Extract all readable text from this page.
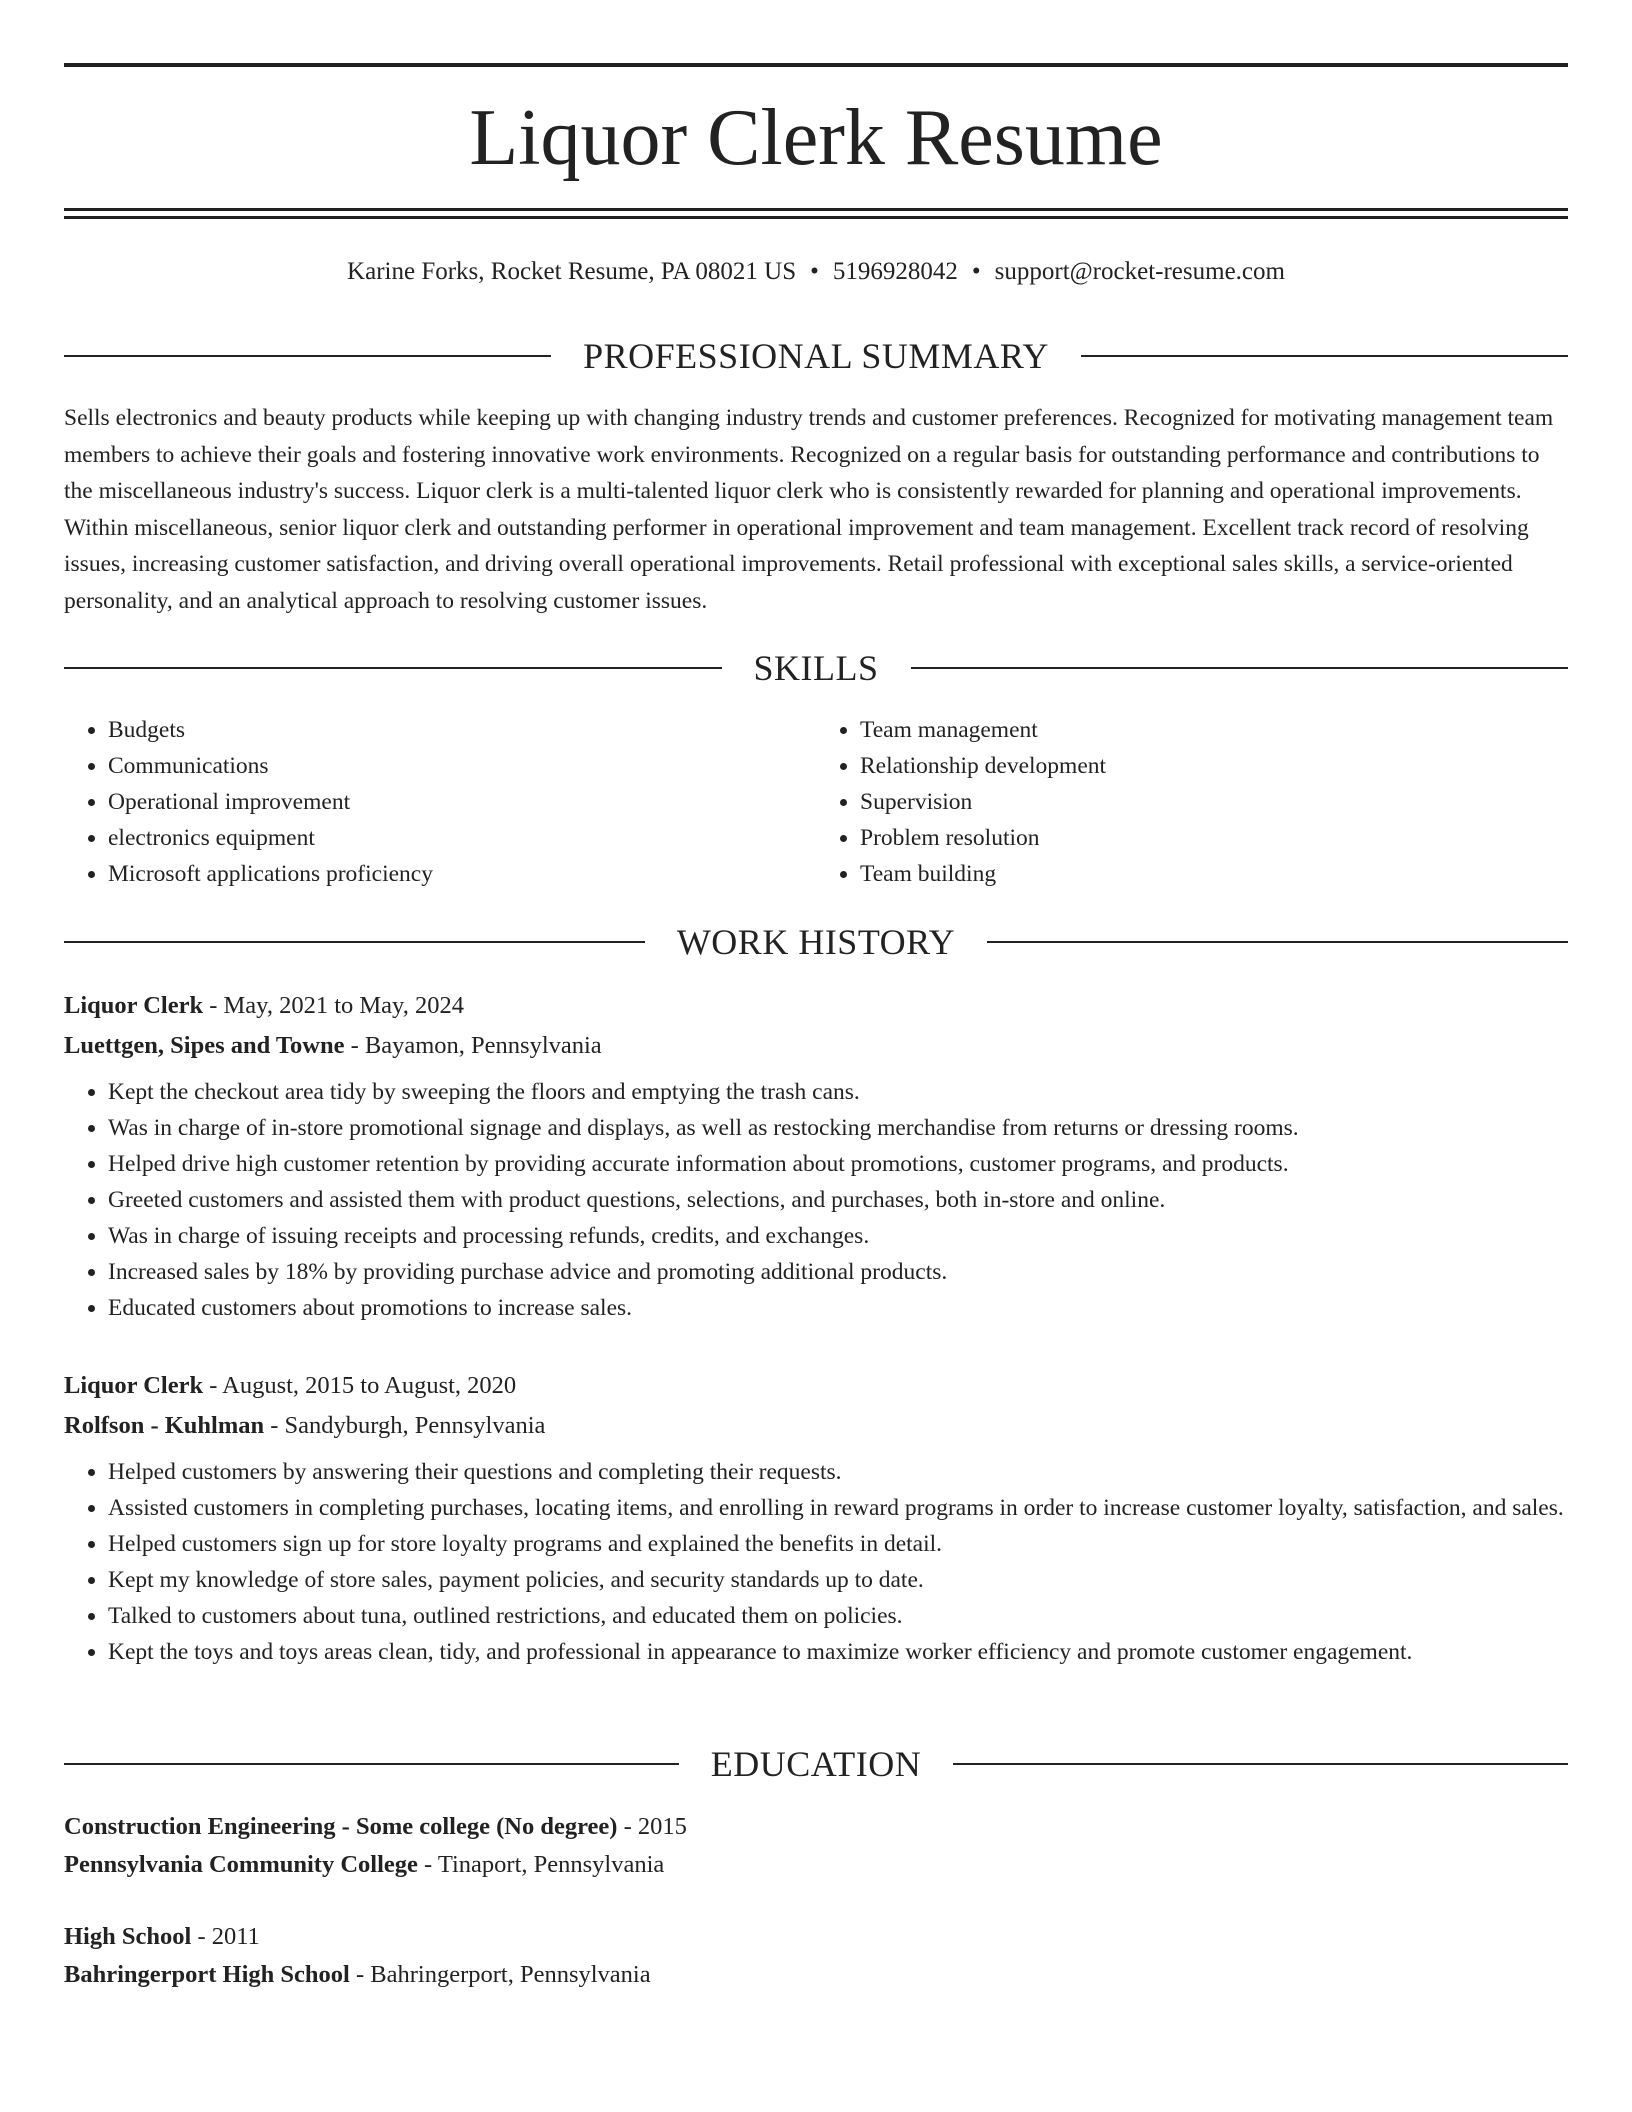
Liquor Clerk Resume
Karine Forks, Rocket Resume, PA 08021 US • 5196928042 • support@rocket-resume.com
PROFESSIONAL SUMMARY

Sells electronics and beauty products while keeping up with changing industry trends and customer preferences. Recognized for motivating management team members to achieve their goals and fostering innovative work environments. Recognized on a regular basis for outstanding performance and contributions to the miscellaneous industry's success. Liquor clerk is a multi-talented liquor clerk who is consistently rewarded for planning and operational improvements. Within miscellaneous, senior liquor clerk and outstanding performer in operational improvement and team management. Excellent track record of resolving issues, increasing customer satisfaction, and driving overall operational improvements. Retail professional with exceptional sales skills, a service-oriented personality, and an analytical approach to resolving customer issues.

SKILLS
• Budgets
• Communications
• Operational improvement
• electronics equipment
• Microsoft applications proficiency
• Team management
• Relationship development
• Supervision
• Problem resolution
• Team building
WORK HISTORY
Liquor Clerk - May, 2021 to May, 2024
Luettgen, Sipes and Towne - Bayamon, Pennsylvania
• Kept the checkout area tidy by sweeping the floors and emptying the trash cans.
• Was in charge of in-store promotional signage and displays, as well as restocking merchandise from returns or dressing rooms.
• Helped drive high customer retention by providing accurate information about promotions, customer programs, and products.
• Greeted customers and assisted them with product questions, selections, and purchases, both in-store and online.
• Was in charge of issuing receipts and processing refunds, credits, and exchanges.
• Increased sales by 18% by providing purchase advice and promoting additional products.
• Educated customers about promotions to increase sales.
Liquor Clerk - August, 2015 to August, 2020
Rolfson - Kuhlman - Sandyburgh, Pennsylvania
• Helped customers by answering their questions and completing their requests.
• Assisted customers in completing purchases, locating items, and enrolling in reward programs in order to increase customer loyalty, satisfaction, and sales.
• Helped customers sign up for store loyalty programs and explained the benefits in detail.
• Kept my knowledge of store sales, payment policies, and security standards up to date.
• Talked to customers about tuna, outlined restrictions, and educated them on policies.
• Kept the toys and toys areas clean, tidy, and professional in appearance to maximize worker efficiency and promote customer engagement.
EDUCATION
Construction Engineering - Some college (No degree) - 2015
Pennsylvania Community College - Tinaport, Pennsylvania
High School - 2011
Bahringerport High School - Bahringerport, Pennsylvania
